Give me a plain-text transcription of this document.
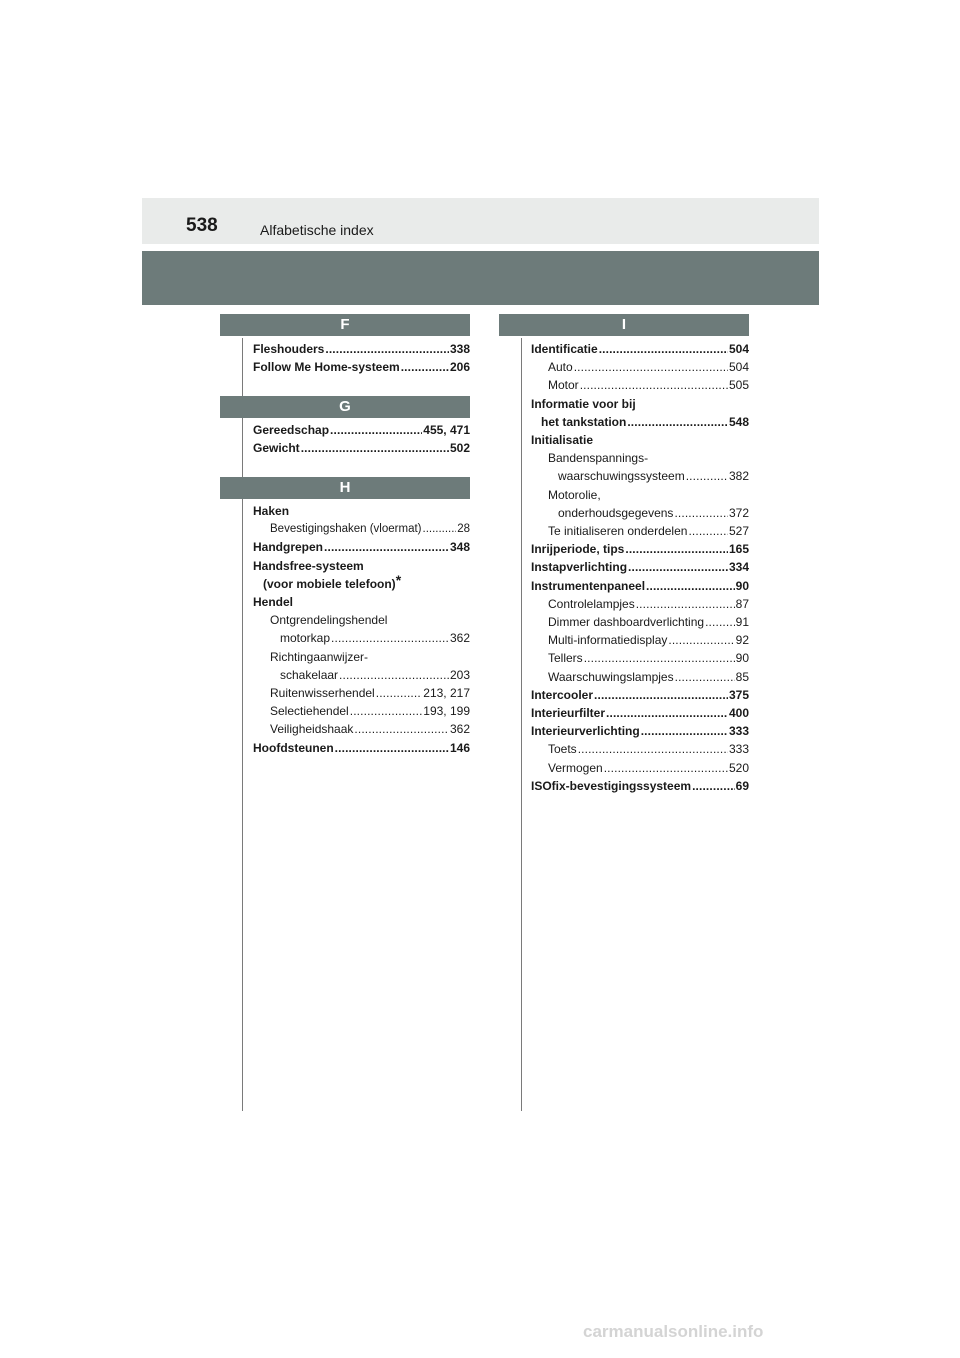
538	Alfabetische index
F
Fleshouders . . .	338
Follow Me Home-systeem . . .	206
G
Gereedschap . . .	455, 471
Gewicht . . .	502
H
Haken
Bevestigingshaken (vloermat) . . .	28
Handgrepen . . .	348
Handsfree-systeem
(voor mobiele telefoon)*
Hendel
Ontgrendelingshendel
motorkap . . .	362
Richtingaanwijzer-
schakelaar . . .	203
Ruitenwisserhendel . . .	213, 217
Selectiehendel . . .	193, 199
Veiligheidshaak . . .	362
Hoofdsteunen . . .	146
I
Identificatie . . .	504
Auto . . .	504
Motor . . .	505
Informatie voor bij
het tankstation . . .	548
Initialisatie
Bandenspannings-
waarschuwingssysteem . . .	382
Motorolie,
onderhoudsgegevens . . .	372
Te initialiseren onderdelen . . .	527
Inrijperiode, tips . . .	165
Instapverlichting . . .	334
Instrumentenpaneel . . .	90
Controlelampjes . . .	87
Dimmer dashboardverlichting . . .	91
Multi-informatiedisplay . . .	92
Tellers . . .	90
Waarschuwingslampjes . . .	85
Intercooler . . .	375
Interieurfilter . . .	400
Interieurverlichting . . .	333
Toets . . .	333
Vermogen . . .	520
ISOfix-bevestigingssysteem . . .	69
carmanualsonline.info
